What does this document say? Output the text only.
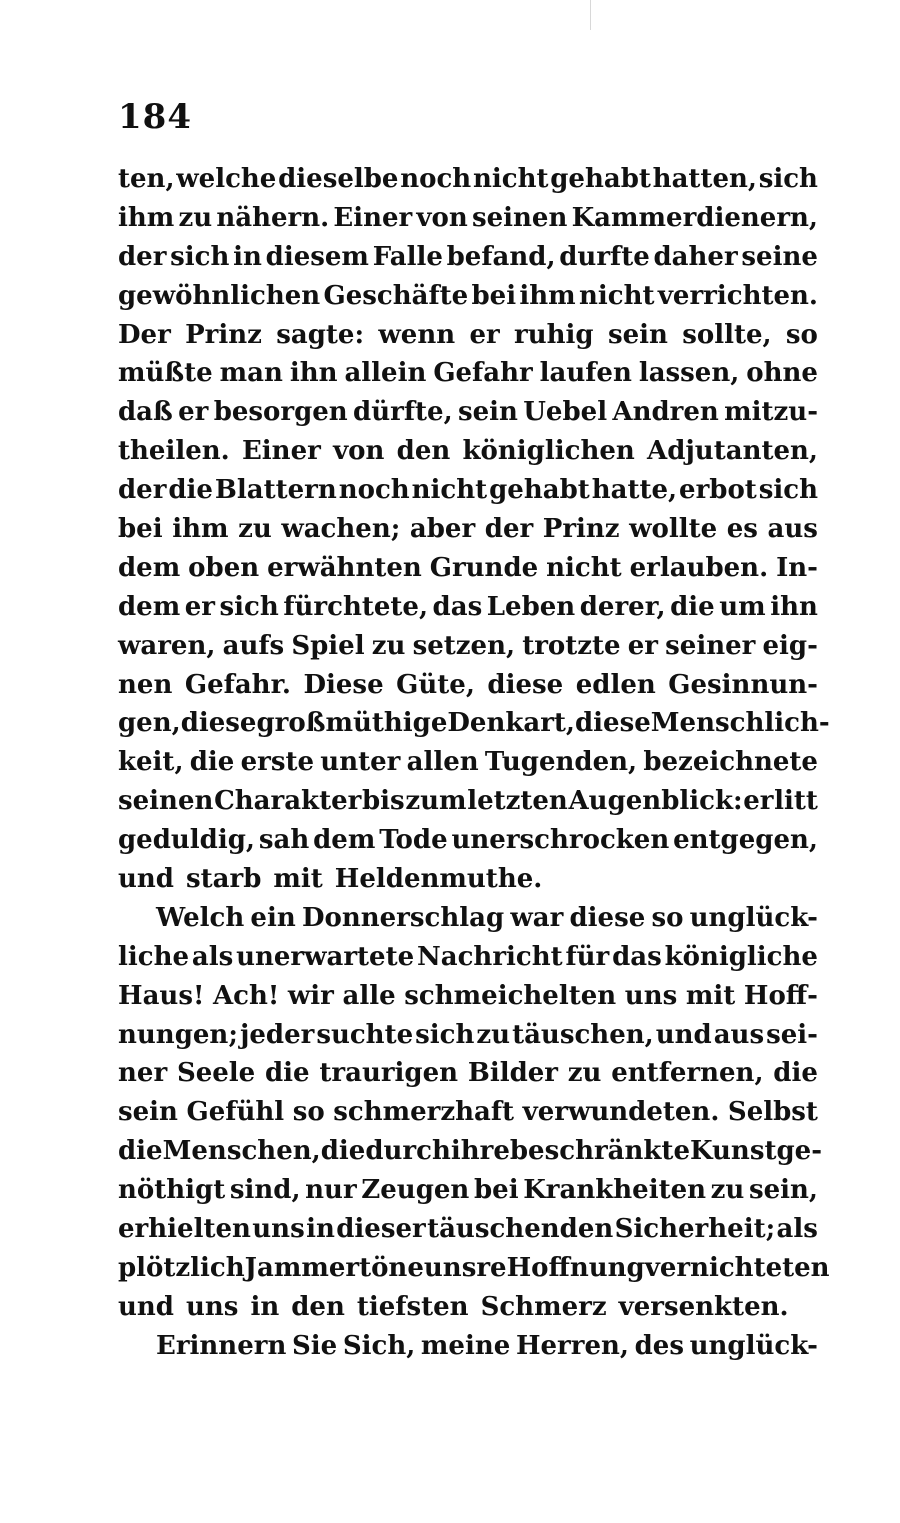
184
ten, welche dieselbe noch nicht gehabt hatten, sich
ihm zu nähern. Einer von seinen Kammerdienern,
der sich in diesem Falle befand, durfte daher seine
gewöhnlichen Geschäfte bei ihm nicht verrichten.
Der Prinz sagte: wenn er ruhig sein sollte, so
müßte man ihn allein Gefahr laufen lassen, ohne
daß er besorgen dürfte, sein Uebel Andren mitzu-
theilen. Einer von den königlichen Adjutanten,
der die Blattern noch nicht gehabt hatte, erbot sich
bei ihm zu wachen; aber der Prinz wollte es aus
dem oben erwähnten Grunde nicht erlauben. In-
dem er sich fürchtete, das Leben derer, die um ihn
waren, aufs Spiel zu setzen, trotzte er seiner eig-
nen Gefahr. Diese Güte, diese edlen Gesinnun-
gen, diese großmüthige Denkart, diese Menschlich-
keit, die erste unter allen Tugenden, bezeichnete
seinen Charakter bis zum letzten Augenblick: er litt
geduldig, sah dem Tode unerschrocken entgegen,
und starb mit Heldenmuthe.
Welch ein Donnerschlag war diese so unglück-
liche als unerwartete Nachricht für das königliche
Haus! Ach! wir alle schmeichelten uns mit Hoff-
nungen; jeder suchte sich zu täuschen, und aus sei-
ner Seele die traurigen Bilder zu entfernen, die
sein Gefühl so schmerzhaft verwundeten. Selbst
die Menschen, die durch ihre beschränkte Kunst ge-
nöthigt sind, nur Zeugen bei Krankheiten zu sein,
erhielten uns in dieser täuschenden Sicherheit; als
plötzlich Jammertöne unsre Hoffnung vernichteten
und uns in den tiefsten Schmerz versenkten.
Erinnern Sie Sich, meine Herren, des unglück-
